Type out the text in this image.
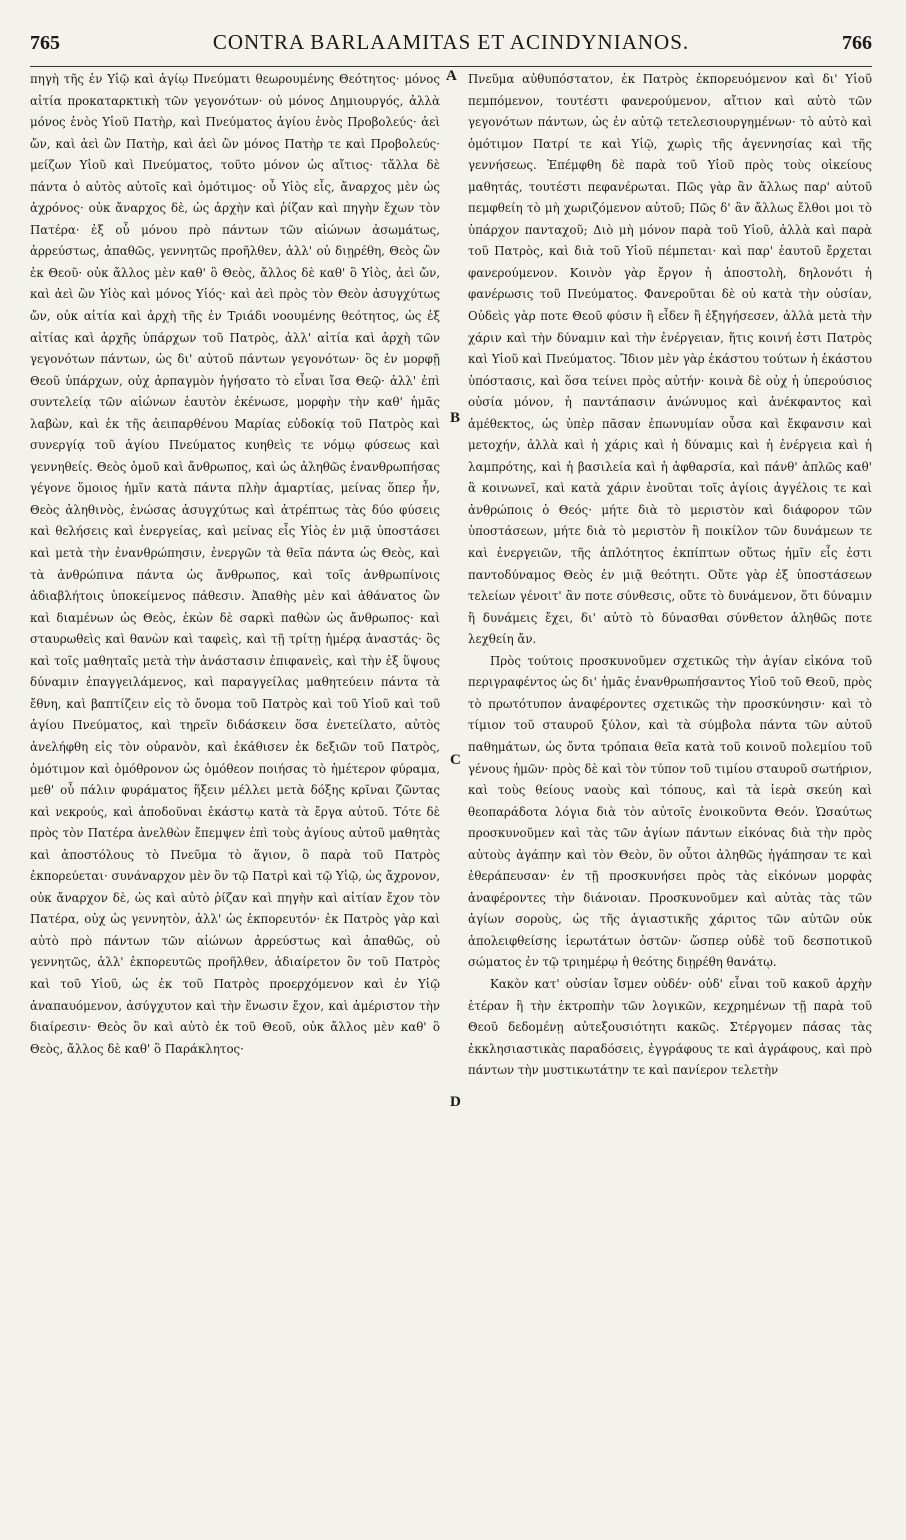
765	CONTRA BARLAAMITAS ET ACINDYNIANOS.	766

πηγὴ τῆς ἐν Υἱῷ καὶ ἁγίῳ Πνεύματι θεωρουμένης Θεότητος· μόνος αἰτία προκαταρκτικὴ τῶν γεγονότων· οὐ μόνος Δημιουργός, ἀλλὰ μόνος ἑνὸς Υἱοῦ Πατὴρ, καὶ Πνεύματος ἁγίου ἑνὸς Προβολεύς· ἀεὶ ὤν, καὶ ἀεὶ ὢν Πατὴρ, καὶ ἀεὶ ὢν μόνος Πατὴρ τε καὶ Προβολεύς· μείζων Υἱοῦ καὶ Πνεύματος, τοῦτο μόνον ὡς αἴτιος· τἄλλα δὲ πάντα ὁ αὐτὸς αὐτοῖς καὶ ὁμότιμος· οὗ Υἱὸς εἷς, ἄναρχος μὲν ὡς ἀχρόνος· οὐκ ἄναρχος δὲ, ὡς ἀρχὴν καὶ ῥίζαν καὶ πηγὴν ἔχων τὸν Πατέρα· ἐξ οὗ μόνου πρὸ πάντων τῶν αἰώνων ἀσωμάτως, ἀρρεύστως, ἀπαθῶς, γεννητῶς προῆλθεν, ἀλλ' οὐ διῃρέθη, Θεὸς ὢν ἐκ Θεοῦ· οὐκ ἄλλος μὲν καθ' ὃ Θεὸς, ἄλλος δὲ καθ' ὃ Υἱὸς, ἀεὶ ὤν, καὶ ἀεὶ ὢν Υἱὸς καὶ μόνος Υἱός· καὶ ἀεὶ πρὸς τὸν Θεὸν ἀσυγχύτως ὤν, οὐκ αἰτία καὶ ἀρχὴ τῆς ἐν Τριάδι νοουμένης θεότητος, ὡς ἐξ αἰτίας καὶ ἀρχῆς ὑπάρχων τοῦ Πατρὸς, ἀλλ' αἰτία καὶ ἀρχὴ τῶν γεγονότων πάντων, ὡς δι' αὐτοῦ πάντων γεγονότων· ὃς ἐν μορφῇ Θεοῦ ὑπάρχων, οὐχ ἁρπαγμὸν ἡγήσατο τὸ εἶναι ἴσα Θεῷ· ἀλλ' ἐπὶ συντελείᾳ τῶν αἰώνων ἑαυτὸν ἐκένωσε, μορφὴν τὴν καθ' ἡμᾶς λαβὼν, καὶ ἐκ τῆς ἀειπαρθένου Μαρίας εὐδοκίᾳ τοῦ Πατρὸς καὶ συνεργίᾳ τοῦ ἁγίου Πνεύματος κυηθεὶς τε νόμῳ φύσεως καὶ γεννηθείς. Θεὸς ὁμοῦ καὶ ἄνθρωπος, καὶ ὡς ἀληθῶς ἐνανθρωπήσας γέγονε ὅμοιος ἡμῖν κατὰ πάντα πλὴν ἁμαρτίας, μείνας ὅπερ ἦν, Θεὸς ἀληθινὸς, ἑνώσας ἀσυγχύτως καὶ ἀτρέπτως τὰς δύο φύσεις καὶ θελήσεις καὶ ἐνεργείας, καὶ μείνας εἷς Υἱὸς ἐν μιᾷ ὑποστάσει καὶ μετὰ τὴν ἐνανθρώπησιν, ἐνεργῶν τὰ θεῖα πάντα ὡς Θεὸς, καὶ τὰ ἀνθρώπινα πάντα ὡς ἄνθρωπος, καὶ τοῖς ἀνθρωπίνοις ἀδιαβλήτοις ὑποκείμενος πάθεσιν. Ἀπαθὴς μὲν καὶ ἀθάνατος ὢν καὶ διαμένων ὡς Θεὸς, ἑκὼν δὲ σαρκὶ παθὼν ὡς ἄνθρωπος· καὶ σταυρωθεὶς καὶ θανὼν καὶ ταφεὶς, καὶ τῇ τρίτῃ ἡμέρᾳ ἀναστάς· ὃς καὶ τοῖς μαθηταῖς μετὰ τὴν ἀνάστασιν ἐπιφανεὶς, καὶ τὴν ἐξ ὕψους δύναμιν ἐπαγγειλάμενος, καὶ παραγγείλας μαθητεύειν πάντα τὰ ἔθνη, καὶ βαπτίζειν εἰς τὸ ὄνομα τοῦ Πατρὸς καὶ τοῦ Υἱοῦ καὶ τοῦ ἁγίου Πνεύματος, καὶ τηρεῖν διδάσκειν ὅσα ἐνετείλατο, αὐτὸς ἀνελήφθη εἰς τὸν οὐρανὸν, καὶ ἐκάθισεν ἐκ δεξιῶν τοῦ Πατρὸς, ὁμότιμον καὶ ὁμόθρονον ὡς ὁμόθεον ποιήσας τὸ ἡμέτερον φύραμα, μεθ' οὗ πάλιν φυράματος ἥξειν μέλλει μετὰ δόξης κρῖναι ζῶντας καὶ νεκρούς, καὶ ἀποδοῦναι ἑκάστῳ κατὰ τὰ ἔργα αὐτοῦ. Τότε δὲ πρὸς τὸν Πατέρα ἀνελθὼν ἔπεμψεν ἐπὶ τοὺς ἁγίους αὐτοῦ μαθητὰς καὶ ἀποστόλους τὸ Πνεῦμα τὸ ἅγιον, ὃ παρὰ τοῦ Πατρὸς ἐκπορεύεται· συνάναρχον μὲν ὂν τῷ Πατρὶ καὶ τῷ Υἱῷ, ὡς ἄχρονον, οὐκ ἄναρχον δὲ, ὡς καὶ αὐτὸ ῥίζαν καὶ πηγὴν καὶ αἰτίαν ἔχον τὸν Πατέρα, οὐχ ὡς γεννητὸν, ἀλλ' ὡς ἐκπορευτόν· ἐκ Πατρὸς γὰρ καὶ αὐτὸ πρὸ πάντων τῶν αἰώνων ἀρρεύστως καὶ ἀπαθῶς, οὐ γεννητῶς, ἀλλ' ἐκπορευτῶς προῆλθεν, ἀδιαίρετον ὂν τοῦ Πατρὸς καὶ τοῦ Υἱοῦ, ὡς ἐκ τοῦ Πατρὸς προερχόμενον καὶ ἐν Υἱῷ ἀναπαυόμενον, ἀσύγχυτον καὶ τὴν ἕνωσιν ἔχον, καὶ ἀμέριστον τὴν διαίρεσιν· Θεὸς ὂν καὶ αὐτὸ ἐκ τοῦ Θεοῦ, οὐκ ἄλλος μὲν καθ' ὃ Θεὸς, ἄλλος δὲ καθ' ὃ Παράκλητος·

Πνεῦμα αὐθυπόστατον, ἐκ Πατρὸς ἐκπορευόμενον καὶ δι' Υἱοῦ πεμπόμενον, τουτέστι φανερούμενον, αἴτιον καὶ αὐτὸ τῶν γεγονότων πάντων, ὡς ἐν αὐτῷ τετελεσιουργημένων· τὸ αὐτὸ καὶ ὁμότιμον Πατρί τε καὶ Υἱῷ, χωρὶς τῆς ἀγεννησίας καὶ τῆς γεννήσεως. Ἐπέμφθη δὲ παρὰ τοῦ Υἱοῦ πρὸς τοὺς οἰκείους μαθητάς, τουτέστι πεφανέρωται. Πῶς γὰρ ἂν ἄλλως παρ' αὐτοῦ πεμφθείη τὸ μὴ χωριζόμενον αὐτοῦ; Πῶς δ' ἂν ἄλλως ἔλθοι μοι τὸ ὑπάρχον πανταχοῦ; Διὸ μὴ μόνον παρὰ τοῦ Υἱοῦ, ἀλλὰ καὶ παρὰ τοῦ Πατρὸς, καὶ διὰ τοῦ Υἱοῦ πέμπεται· καὶ παρ' ἑαυτοῦ ἔρχεται φανερούμενον. Κοινὸν γὰρ ἔργον ἡ ἀποστολὴ, δηλονότι ἡ φανέρωσις τοῦ Πνεύματος. Φανεροῦται δὲ οὐ κατὰ τὴν οὐσίαν, Οὐδεὶς γὰρ ποτε Θεοῦ φύσιν ἢ εἶδεν ἢ ἐξηγήσεσεν, ἀλλὰ μετὰ τὴν χάριν καὶ τὴν δύναμιν καὶ τὴν ἐνέργειαν, ἥτις κοινή ἐστι Πατρὸς καὶ Υἱοῦ καὶ Πνεύματος. Ἴδιον μὲν γὰρ ἑκάστου τούτων ἡ ἑκάστου ὑπόστασις, καὶ ὅσα τείνει πρὸς αὐτήν· κοινὰ δὲ οὐχ ἡ ὑπερούσιος οὐσία μόνον, ἡ παντάπασιν ἀνώνυμος καὶ ἀνέκφαντος καὶ ἀμέθεκτος, ὡς ὑπὲρ πᾶσαν ἐπωνυμίαν οὖσα καὶ ἔκφανσιν καὶ μετοχήν, ἀλλὰ καὶ ἡ χάρις καὶ ἡ δύναμις καὶ ἡ ἐνέργεια καὶ ἡ λαμπρότης, καὶ ἡ βασιλεία καὶ ἡ ἀφθαρσία, καὶ πάνθ' ἁπλῶς καθ' ἃ κοινωνεῖ, καὶ κατὰ χάριν ἑνοῦται τοῖς ἁγίοις ἀγγέλοις τε καὶ ἀνθρώποις ὁ Θεός· μήτε διὰ τὸ μεριστὸν καὶ διάφορον τῶν ὑποστάσεων, μήτε διὰ τὸ μεριστὸν ἢ ποικίλον τῶν δυνάμεων τε καὶ ἐνεργειῶν, τῆς ἁπλότητος ἐκπίπτων οὕτως ἡμῖν εἷς ἐστι παντοδύναμος Θεὸς ἐν μιᾷ θεότητι. Οὔτε γὰρ ἐξ ὑποστάσεων τελείων γένοιτ' ἂν ποτε σύνθεσις, οὔτε τὸ δυνάμενον, ὅτι δύναμιν ἢ δυνάμεις ἔχει, δι' αὐτὸ τὸ δύνασθαι σύνθετον ἀληθῶς ποτε λεχθείη ἄν.

Πρὸς τούτοις προσκυνοῦμεν σχετικῶς τὴν ἁγίαν εἰκόνα τοῦ περιγραφέντος ὡς δι' ἡμᾶς ἐνανθρωπήσαντος Υἱοῦ τοῦ Θεοῦ, πρὸς τὸ πρωτότυπον ἀναφέροντες σχετικῶς τὴν προσκύνησιν· καὶ τὸ τίμιον τοῦ σταυροῦ ξύλον, καὶ τὰ σύμβολα πάντα τῶν αὐτοῦ παθημάτων, ὡς ὄντα τρόπαια θεῖα κατὰ τοῦ κοινοῦ πολεμίου τοῦ γένους ἡμῶν· πρὸς δὲ καὶ τὸν τύπον τοῦ τιμίου σταυροῦ σωτήριον, καὶ τοὺς θείους ναοὺς καὶ τόπους, καὶ τὰ ἱερὰ σκεύη καὶ θεοπαράδοτα λόγια διὰ τὸν αὐτοῖς ἐνοικοῦντα Θεόν. Ὡσαύτως προσκυνοῦμεν καὶ τὰς τῶν ἁγίων πάντων εἰκόνας διὰ τὴν πρὸς αὐτοὺς ἀγάπην καὶ τὸν Θεὸν, ὃν οὗτοι ἀληθῶς ἠγάπησαν τε καὶ ἐθεράπευσαν· ἐν τῇ προσκυνήσει πρὸς τὰς εἰκόνων μορφὰς ἀναφέροντες τὴν διάνοιαν. Προσκυνοῦμεν καὶ αὐτὰς τὰς τῶν ἁγίων σοροὺς, ὡς τῆς ἁγιαστικῆς χάριτος τῶν αὐτῶν οὐκ ἀπολειφθείσης ἱερωτάτων ὀστῶν· ὥσπερ οὐδὲ τοῦ δεσποτικοῦ σώματος ἐν τῷ τριημέρῳ ἡ θεότης διῃρέθη θανάτῳ.

Κακὸν κατ' οὐσίαν ἴσμεν οὐδέν· οὐδ' εἶναι τοῦ κακοῦ ἀρχὴν ἑτέραν ἢ τὴν ἐκτροπὴν τῶν λογικῶν, κεχρημένων τῇ παρὰ τοῦ Θεοῦ δεδομένῃ αὐτεξουσιότητι κακῶς. Στέργομεν πάσας τὰς ἐκκλησιαστικὰς παραδόσεις, ἐγγράφους τε καὶ ἀγράφους, καὶ πρὸ πάντων τὴν μυστικωτάτην τε καὶ πανίερον τελετὴν

A
B
C
D
